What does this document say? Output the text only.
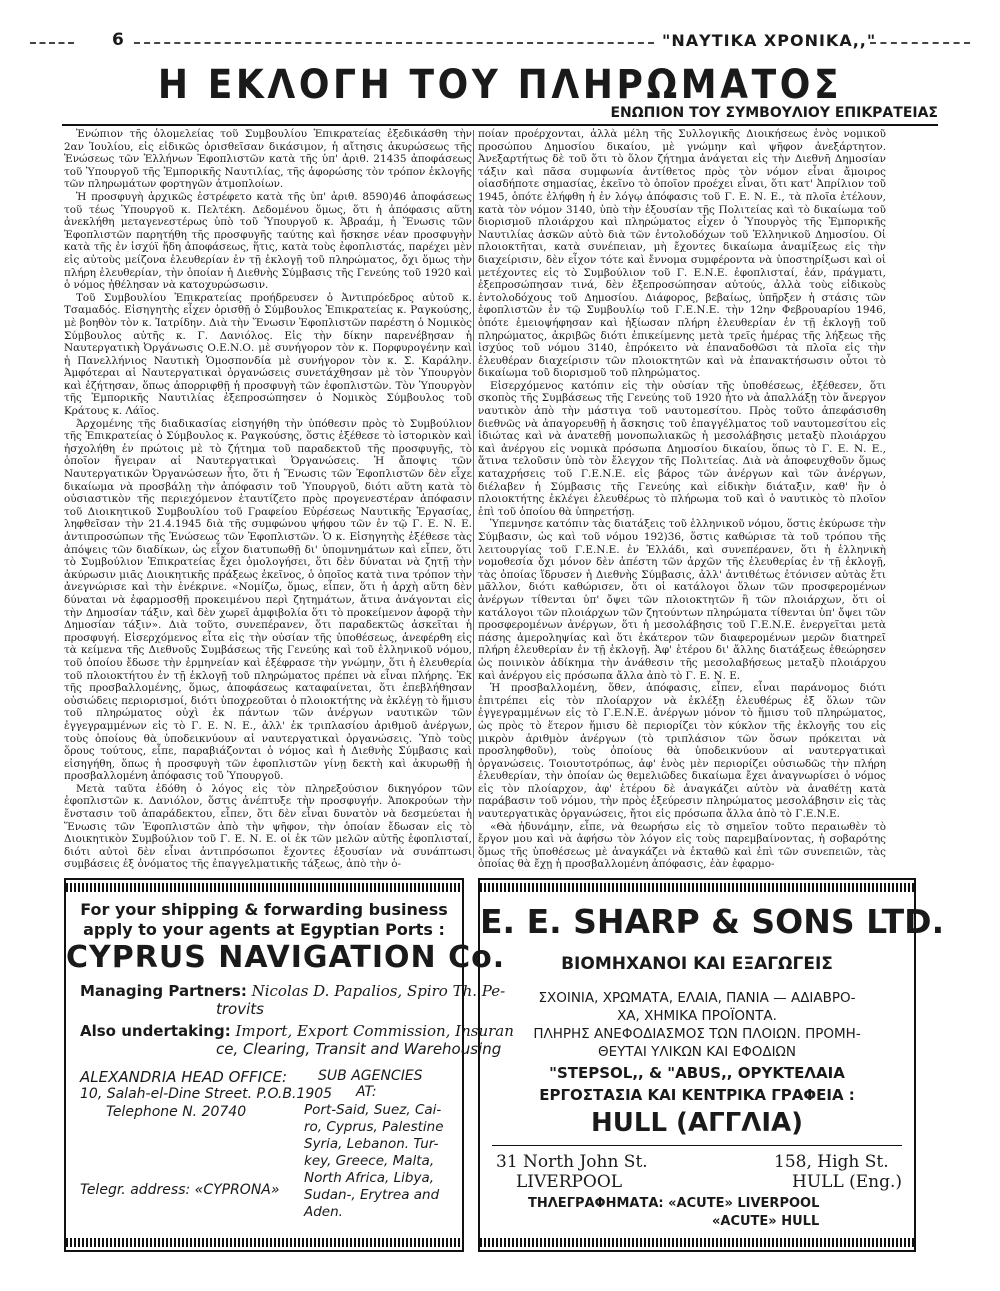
6	"ΝΑΥΤΙΚΑ ΧΡΟΝΙΚΑ,,"
Η ΕΚΛΟΓΗ ΤΟΥ ΠΛΗΡΩΜΑΤΟΣ
ΕΝΩΠΙΟΝ ΤΟΥ ΣΥΜΒΟΥΛΙΟΥ ΕΠΙΚΡΑΤΕΙΑΣ

Ἐνώπιον τῆς ὁλομελείας τοῦ Συμβουλίου Ἐπικρατείας ἐξεδικάσθη τὴν 2αν Ἰουλίου, εἰς εἰδικῶς ὁρισθεῖσαν δικάσιμον, ἡ αἴτησις ἀκυρώσεως τῆς Ἑνώσεως τῶν Ἑλλήνων Ἐφοπλιστῶν κατὰ τῆς ὑπ' ἀριθ. 21435 ἀποφάσεως τοῦ Ὑπουργοῦ τῆς Ἐμπορικῆς Ναυτιλίας, τῆς ἀφορώσης τὸν τρόπον ἐκλογῆς τῶν πληρωμάτων φορτηγῶν ἀτμοπλοίων.

Ἡ προσφυγὴ ἀρχικῶς ἐστρέφετο κατὰ τῆς ὑπ' ἀριθ. 8590)46 ἀποφάσεως τοῦ τέως Ὑπουργοῦ κ. Πελτέκη. Δεδομένου ὅμως, ὅτι ἡ ἀπόφασις αὕτη ἀνεκλήθη μεταγενεστέρως ὑπὸ τοῦ Ὑπουργοῦ κ. Ἀβραάμ, ἡ Ἕνωσις τῶν Ἐφοπλιστῶν παρητήθη τῆς προσφυγῆς ταύτης καὶ ἤσκησε νέαν προσφυγὴν κατὰ τῆς ἐν ἰσχύϊ ἤδη ἀποφάσεως, ἥτις, κατὰ τοὺς ἐφοπλιστάς, παρέχει μὲν εἰς αὐτοὺς μείζονα ἐλευθερίαν ἐν τῇ ἐκλογῇ τοῦ πληρώματος, ὄχι ὅμως τὴν πλήρη ἐλευθερίαν, τὴν ὁποίαν ἡ Διεθνὴς Σύμβασις τῆς Γενεύης τοῦ 1920 καὶ ὁ νόμος ἠθέλησαν νὰ κατοχυρώσωσιν.

Τοῦ Συμβουλίου Ἐπικρατείας προήδρευσεν ὁ Ἀντιπρόεδρος αὐτοῦ κ. Τσαμαδός. Εἰσηγητὴς εἶχεν ὁρισθῇ ὁ Σύμβουλος Ἐπικρατείας κ. Ραγκούσης, μὲ βοηθὸν τὸν κ. Ἰατρίδην. Διὰ τὴν Ἕνωσιν Ἐφοπλιστῶν παρέστη ὁ Νομικὸς Σύμβουλος αὐτῆς κ. Γ. Δανιόλος. Εἰς τὴν δίκην παρενέβησαν ἡ Ναυτεργατικὴ Ὀργάνωσις Ο.Ε.Ν.Ο. μὲ συνήγορον τὸν κ. Πορφυρογένην καὶ ἡ Πανελλήνιος Ναυτικὴ Ὁμοσπονδία μὲ συνήγορον τὸν κ. Σ. Καράλην. Ἀμφότεραι αἱ Ναυτεργατικαὶ ὀργανώσεις συνετάχθησαν μὲ τὸν Ὑπουργὸν καὶ ἐζήτησαν, ὅπως ἀπορριφθῇ ἡ προσφυγὴ τῶν ἐφοπλιστῶν. Τὸν Ὑπουργὸν τῆς Ἐμπορικῆς Ναυτιλίας ἐξεπροσώπησεν ὁ Νομικὸς Σύμβουλος τοῦ Κράτους κ. Λάϊος.

Ἀρχομένης τῆς διαδικασίας εἰσηγήθη τὴν ὑπόθεσιν πρὸς τὸ Συμβούλιον τῆς Ἐπικρατείας ὁ Σύμβουλος κ. Ραγκούσης, ὅστις ἐξέθεσε τὸ ἱστορικὸν καὶ ἠσχολήθη ἐν πρώτοις μὲ τὸ ζήτημα τοῦ παραδεκτοῦ τῆς προσφυγῆς, τὸ ὁποῖον ἤγειραν αἱ Ναυτεργατικαὶ Ὀργανώσεις. Ἡ ἄποψις τῶν Ναυτεργατικῶν Ὀργανώσεων ἦτο, ὅτι ἡ Ἕνωσις τῶν Ἐφοπλιστῶν δὲν εἶχε δικαίωμα νὰ προσβάλῃ τὴν ἀπόφασιν τοῦ Ὑπουργοῦ, διότι αὕτη κατὰ τὸ οὐσιαστικὸν τῆς περιεχόμενον ἐταυτίζετο πρὸς προγενεστέραν ἀπόφασιν τοῦ Διοικητικοῦ Συμβουλίου τοῦ Γραφείου Εὑρέσεως Ναυτικῆς Ἐργασίας, ληφθεῖσαν τὴν 21.4.1945 διὰ τῆς συμφώνου ψήφου τῶν ἐν τῷ Γ. Ε. Ν. Ε. ἀντιπροσώπων τῆς Ἑνώσεως τῶν Ἐφοπλιστῶν. Ὁ κ. Εἰσηγητὴς ἐξέθεσε τὰς ἀπόψεις τῶν διαδίκων, ὡς εἶχον διατυπωθῇ δι' ὑπομνημάτων καὶ εἶπεν, ὅτι τὸ Συμβούλιον Ἐπικρατείας ἔχει ὁμολογήσει, ὅτι δὲν δύναται νὰ ζητῇ τὴν ἀκύρωσιν μιᾶς Διοικητικῆς πράξεως ἐκεῖνος, ὁ ὁποῖος κατὰ τινα τρόπον τὴν ἀνεγνώρισε καὶ τὴν ἐνέκρινε. «Νομίζω, ὅμως, εἶπεν, ὅτι ἡ ἀρχὴ αὕτη δὲν δύναται νὰ ἐφαρμοσθῇ προκειμένου περὶ ζητημάτων, ἅτινα ἀνάγονται εἰς τὴν Δημοσίαν τάξιν, καὶ δὲν χωρεῖ ἀμφιβολία ὅτι τὸ προκείμενον ἀφορᾷ τὴν Δημοσίαν τάξιν». Διὰ τοῦτο, συνεπέρανεν, ὅτι παραδεκτῶς ἀσκεῖται ἡ προσφυγή. Εἰσερχόμενος εἶτα εἰς τὴν οὐσίαν τῆς ὑποθέσεως, ἀνεφέρθη εἰς τὰ κείμενα τῆς Διεθνοῦς Συμβάσεως τῆς Γενεύης καὶ τοῦ ἑλληνικοῦ νόμου, τοῦ ὁποίου ἔδωσε τὴν ἑρμηνείαν καὶ ἐξέφρασε τὴν γνώμην, ὅτι ἡ ἐλευθερία τοῦ πλοιοκτήτου ἐν τῇ ἐκλογῇ τοῦ πληρώματος πρέπει νὰ εἶναι πλήρης. Ἐκ τῆς προσβαλλομένης, ὅμως, ἀποφάσεως καταφαίνεται, ὅτι ἐπεβλήθησαν οὐσιώδεις περιορισμοί, διότι ὑποχρεοῦται ὁ πλοιοκτήτης νὰ ἐκλέγῃ τὸ ἥμισυ τοῦ πληρώματος οὐχὶ ἐκ πάντων τῶν ἀνέργων ναυτικῶν τῶν ἐγγεγραμμένων εἰς τὸ Γ. Ε. Ν. Ε., ἀλλ' ἐκ τριπλασίου ἀριθμοῦ ἀνέργων, τοὺς ὁποίους θὰ ὑποδεικνύουν αἱ ναυτεργατικαὶ ὀργανώσεις. Ὑπὸ τοὺς ὅρους τούτους, εἶπε, παραβιάζονται ὁ νόμος καὶ ἡ Διεθνὴς Σύμβασις καὶ εἰσηγήθη, ὅπως ἡ προσφυγὴ τῶν ἐφοπλιστῶν γίνῃ δεκτὴ καὶ ἀκυρωθῇ ἡ προσβαλλομένη ἀπόφασις τοῦ Ὑπουργοῦ.

Μετὰ ταῦτα ἐδόθη ὁ λόγος εἰς τὸν πληρεξούσιον δικηγόρον τῶν ἐφοπλιστῶν κ. Δανιόλον, ὅστις ἀνέπτυξε τὴν προσφυγήν. Ἀποκρούων τὴν ἔνστασιν τοῦ ἀπαράδεκτου, εἶπεν, ὅτι δὲν εἶναι δυνατὸν νὰ δεσμεύεται ἡ Ἕνωσις τῶν Ἐφοπλιστῶν ἀπὸ τὴν ψῆφον, τὴν ὁποίαν ἔδωσαν εἰς τὸ Διοικητικὸν Συμβούλιον τοῦ Γ. Ε. Ν. Ε. οἱ ἐκ τῶν μελῶν αὐτῆς ἐφοπλισταί, διότι αὐτοὶ δὲν εἶναι ἀντιπρόσωποι ἔχοντες ἐξουσίαν νὰ συνάπτωσι συμβάσεις ἐξ ὀνόματος τῆς ἐπαγγελματικῆς τάξεως, ἀπὸ τὴν ὁ-

ποίαν προέρχονται, ἀλλὰ μέλη τῆς Συλλογικῆς Διοικήσεως ἑνὸς νομικοῦ προσώπου Δημοσίου δικαίου, μὲ γνώμην καὶ ψῆφον ἀνεξάρτητον. Ἀνεξαρτήτως δὲ τοῦ ὅτι τὸ ὅλον ζήτημα ἀνάγεται εἰς τὴν Διεθνῆ Δημοσίαν τάξιν καὶ πᾶσα συμφωνία ἀντίθετος πρὸς τὸν νόμον εἶναι ἄμοιρος οἱασδήποτε σημασίας, ἐκεῖνο τὸ ὁποῖον προέχει εἶναι, ὅτι κατ' Ἀπρίλιον τοῦ 1945, ὁπότε ἐλήφθη ἡ ἐν λόγῳ ἀπόφασις τοῦ Γ. Ε. Ν. Ε., τὰ πλοῖα ἐτέλουν, κατὰ τὸν νόμον 3140, ὑπὸ τὴν ἐξουσίαν τῆς Πολιτείας καὶ τὸ δικαίωμα τοῦ διορισμοῦ πλοιάρχου καὶ πληρώματος εἶχεν ὁ Ὑπουργὸς τῆς Ἐμπορικῆς Ναυτιλίας ἀσκῶν αὐτὸ διὰ τῶν ἐντολοδόχων τοῦ Ἑλληνικοῦ Δημοσίου. Οἱ πλοιοκτῆται, κατὰ συνέπειαν, μὴ ἔχοντες δικαίωμα ἀναμίξεως εἰς τὴν διαχείρισιν, δὲν εἶχον τότε καὶ ἔννομα συμφέροντα νὰ ὑποστηρίξωσι καὶ οἱ μετέχοντες εἰς τὸ Συμβούλιον τοῦ Γ. Ε.Ν.Ε. ἐφοπλισταί, ἐάν, πράγματι, ἐξεπροσώπησαν τινά, δὲν ἐξεπροσώπησαν αὐτούς, ἀλλὰ τοὺς εἰδικοὺς ἐντολοδόχους τοῦ Δημοσίου. Διάφορος, βεβαίως, ὑπῆρξεν ἡ στάσις τῶν ἐφοπλιστῶν ἐν τῷ Συμβουλίῳ τοῦ Γ.Ε.Ν.Ε. τὴν 12ην Φεβρουαρίου 1946, ὁπότε ἐμειοψήφησαν καὶ ἠξίωσαν πλήρη ἐλευθερίαν ἐν τῇ ἐκλογῇ τοῦ πληρώματος, ἀκριβῶς διότι ἐπικείμενης μετὰ τρεῖς ἡμέρας τῆς λήξεως τῆς ἰσχύος τοῦ νόμου 3140, ἐπρόκειτο νὰ ἐπαναδοθῶσι τὰ πλοῖα εἰς τὴν ἐλευθέραν διαχείρισιν τῶν πλοιοκτητῶν καὶ νὰ ἐπανακτήσωσιν οὗτοι τὸ δικαίωμα τοῦ διορισμοῦ τοῦ πληρώματος.

Εἰσερχόμενος κατόπιν εἰς τὴν οὐσίαν τῆς ὑποθέσεως, ἐξέθεσεν, ὅτι σκοπὸς τῆς Συμβάσεως τῆς Γενεύης τοῦ 1920 ἦτο νὰ ἀπαλλάξῃ τὸν ἄνεργον ναυτικὸν ἀπὸ τὴν μάστιγα τοῦ ναυτομεσίτου. Πρὸς τοῦτο ἀπεφάσισθη διεθνῶς νὰ ἀπαγορευθῇ ἡ ἄσκησις τοῦ ἐπαγγέλματος τοῦ ναυτομεσίτου εἰς ἰδιώτας καὶ νὰ ἀνατεθῇ μονοπωλιακῶς ἡ μεσολάβησις μεταξὺ πλοιάρχου καὶ ἀνέργου εἰς νομικὰ πρόσωπα Δημοσίου δικαίου, ὅπως τὸ Γ. Ε. Ν. Ε., ἅτινα τελοῦσιν ὑπὸ τὸν ἔλεγχον τῆς Πολιτείας. Διὰ νὰ ἀποφευχθοῦν ὅμως καταχρήσεις τοῦ Γ.Ε.Ν.Ε. εἰς βάρος τῶν ἀνέργων καὶ τῶν ἀνέργων, διέλαβεν ἡ Σύμβασις τῆς Γενεύης καὶ εἰδικὴν διάταξιν, καθ' ἣν ὁ πλοιοκτήτης ἐκλέγει ἐλευθέρως τὸ πλήρωμα τοῦ καὶ ὁ ναυτικὸς τὸ πλοῖον ἐπὶ τοῦ ὁποίου θὰ ὑπηρετήσῃ.

Ὑπεμνησε κατόπιν τὰς διατάξεις τοῦ ἑλληνικοῦ νόμου, ὅστις ἐκύρωσε τὴν Σύμβασιν, ὡς καὶ τοῦ νόμου 192)36, ὅστις καθώρισε τὰ τοῦ τρόπου τῆς λειτουργίας τοῦ Γ.Ε.Ν.Ε. ἐν Ἑλλάδι, καὶ συνεπέρανεν, ὅτι ἡ ἑλληνικὴ νομοθεσία ὄχι μόνον δὲν ἀπέστη τῶν ἀρχῶν τῆς ἐλευθερίας ἐν τῇ ἐκλογῇ, τὰς ὁποίας ἵδρυσεν ἡ Διεθνὴς Σύμβασις, ἀλλ' ἀντιθέτως ἐτόνισεν αὐτὰς ἔτι μᾶλλον, διότι καθώρισεν, ὅτι οἱ κατάλογοι ὅλων τῶν προσφερομένων ἀνέργων τίθενται ὑπ' ὄψει τῶν πλοιοκτητῶν ἢ τῶν πλοιάρχων, ὅτι οἱ κατάλογοι τῶν πλοιάρχων τῶν ζητούντων πληρώματα τίθενται ὑπ' ὄψει τῶν προσφερομένων ἀνέργων, ὅτι ἡ μεσολάβησις τοῦ Γ.Ε.Ν.Ε. ἐνεργεῖται μετὰ πάσης ἀμεροληψίας καὶ ὅτι ἑκάτερον τῶν διαφερομένων μερῶν διατηρεῖ πλήρη ἐλευθερίαν ἐν τῇ ἐκλογῇ. Ἀφ' ἑτέρου δι' ἄλλης διατάξεως ἐθεώρησεν ὡς ποινικὸν ἀδίκημα τὴν ἀνάθεσιν τῆς μεσολαβήσεως μεταξὺ πλοιάρχου καὶ ἀνέργου εἰς πρόσωπα ἄλλα ἀπὸ τὸ Γ. Ε. Ν. Ε.

Ἡ προσβαλλομένη, ὅθεν, ἀπόφασις, εἶπεν, εἶναι παράνομος διότι ἐπιτρέπει εἰς τὸν πλοίαρχον νὰ ἐκλέξῃ ἐλευθέρως ἐξ ὅλων τῶν ἐγγεγραμμένων εἰς τὸ Γ.Ε.Ν.Ε. ἀνέργων μόνον τὸ ἥμισυ τοῦ πληρώματος, ὡς πρὸς τὸ ἕτερον ἥμισυ δὲ περιορίζει τὸν κύκλον τῆς ἐκλογῆς του εἰς μικρὸν ἀριθμὸν ἀνέργων (τὸ τριπλάσιον τῶν ὅσων πρόκειται νὰ προσληφθοῦν), τοὺς ὁποίους θὰ ὑποδεικνύουν αἱ ναυτεργατικαὶ ὀργανώσεις. Τοιουτοτρόπως, ἀφ' ἑνὸς μὲν περιορίζει οὐσιωδῶς τὴν πλήρη ἐλευθερίαν, τὴν ὁποίαν ὡς θεμελιῶδες δικαίωμα ἔχει ἀναγνωρίσει ὁ νόμος εἰς τὸν πλοίαρχον, ἀφ' ἑτέρου δὲ ἀναγκάζει αὐτὸν νὰ ἀναθέτῃ κατὰ παράβασιν τοῦ νόμου, τὴν πρὸς ἐξεύρεσιν πληρώματος μεσολάβησιν εἰς τὰς ναυτεργατικὰς ὀργανώσεις, ἤτοι εἰς πρόσωπα ἄλλα ἀπὸ τὸ Γ.Ε.Ν.Ε.

«Θὰ ἠδυνάμην, εἶπε, νὰ θεωρήσω εἰς τὸ σημεῖον τοῦτο περαιωθὲν τὸ ἔργον μου καὶ νὰ ἀφήσω τὸν λόγον εἰς τοὺς παρεμβαίνοντας, ἡ σοβαρότης ὅμως τῆς ὑποθέσεως μὲ ἀναγκάζει νὰ ἐκταθῶ καὶ ἐπὶ τῶν συνεπειῶν, τὰς ὁποίας θὰ ἔχῃ ἡ προσβαλλομένη ἀπόφασις, ἐὰν ἐφαρμο-

For your shipping & forwarding business
apply to your agents at Egyptian Ports :
CYPRUS NAVIGATION Co.
Managing Partners: Nicolas D. Papalios, Spiro Th. Pe-
trovits
Also undertaking: Import, Export Commission, Insuran
ce, Clearing, Transit and Warehousing
ALEXANDRIA HEAD OFFICE:
10, Salah-el-Dine Street. P.O.B.1905
Telephone N. 20740
Telegr. address: «CYPRONA»
SUB AGENCIES
AT:
Port-Said, Suez, Cai-
ro, Cyprus, Palestine
Syria, Lebanon. Tur-
key, Greece, Malta,
North Africa, Libya,
Sudan-, Erytrea and
Aden.
E. E. SHARP & SONS LTD.
ΒΙΟΜΗΧΑΝΟΙ ΚΑΙ ΕΞΑΓΩΓΕΙΣ
ΣΧΟΙΝΙΑ, ΧΡΩΜΑΤΑ, ΕΛΑΙΑ, ΠΑΝΙΑ — ΑΔΙΑΒΡΟ-
ΧΑ, ΧΗΜΙΚΑ ΠΡΟΪΟΝΤΑ.
ΠΛΗΡΗΣ ΑΝΕΦΟΔΙΑΣΜΟΣ ΤΩΝ ΠΛΟΙΩΝ. ΠΡΟΜΗ-
ΘΕΥΤΑΙ ΥΛΙΚΩΝ ΚΑΙ ΕΦΟΔΙΩΝ
"STEPSOL,, & "ABUS,, ΟΡΥΚΤΕΛΑΙΑ
ΕΡΓΟΣΤΑΣΙΑ ΚΑΙ ΚΕΝΤΡΙΚΑ ΓΡΑΦΕΙΑ :
HULL (ΑΓΓΛΙΑ)
31 North John St.
LIVERPOOL
158, High St.
HULL (Eng.)
ΤΗΛΕΓΡΑΦΗΜΑΤΑ: «ACUTE» LIVERPOOL
«ACUTE» HULL
